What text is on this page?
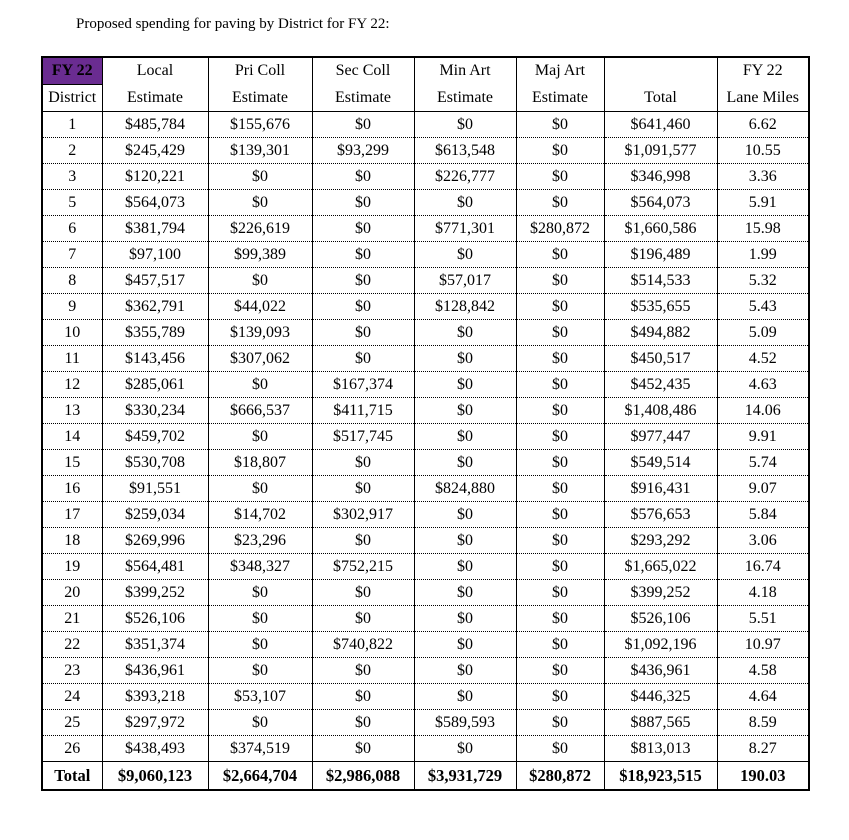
Proposed spending for paving by District for FY 22:
FY 22	Local	Pri Coll	Sec Coll	Min Art	Maj Art		FY 22
District	Estimate	Estimate	Estimate	Estimate	Estimate	Total	Lane Miles
1	$485,784	$155,676	$0	$0	$0	$641,460	6.62
2	$245,429	$139,301	$93,299	$613,548	$0	$1,091,577	10.55
3	$120,221	$0	$0	$226,777	$0	$346,998	3.36
5	$564,073	$0	$0	$0	$0	$564,073	5.91
6	$381,794	$226,619	$0	$771,301	$280,872	$1,660,586	15.98
7	$97,100	$99,389	$0	$0	$0	$196,489	1.99
8	$457,517	$0	$0	$57,017	$0	$514,533	5.32
9	$362,791	$44,022	$0	$128,842	$0	$535,655	5.43
10	$355,789	$139,093	$0	$0	$0	$494,882	5.09
11	$143,456	$307,062	$0	$0	$0	$450,517	4.52
12	$285,061	$0	$167,374	$0	$0	$452,435	4.63
13	$330,234	$666,537	$411,715	$0	$0	$1,408,486	14.06
14	$459,702	$0	$517,745	$0	$0	$977,447	9.91
15	$530,708	$18,807	$0	$0	$0	$549,514	5.74
16	$91,551	$0	$0	$824,880	$0	$916,431	9.07
17	$259,034	$14,702	$302,917	$0	$0	$576,653	5.84
18	$269,996	$23,296	$0	$0	$0	$293,292	3.06
19	$564,481	$348,327	$752,215	$0	$0	$1,665,022	16.74
20	$399,252	$0	$0	$0	$0	$399,252	4.18
21	$526,106	$0	$0	$0	$0	$526,106	5.51
22	$351,374	$0	$740,822	$0	$0	$1,092,196	10.97
23	$436,961	$0	$0	$0	$0	$436,961	4.58
24	$393,218	$53,107	$0	$0	$0	$446,325	4.64
25	$297,972	$0	$0	$589,593	$0	$887,565	8.59
26	$438,493	$374,519	$0	$0	$0	$813,013	8.27
Total	$9,060,123	$2,664,704	$2,986,088	$3,931,729	$280,872	$18,923,515	190.03
